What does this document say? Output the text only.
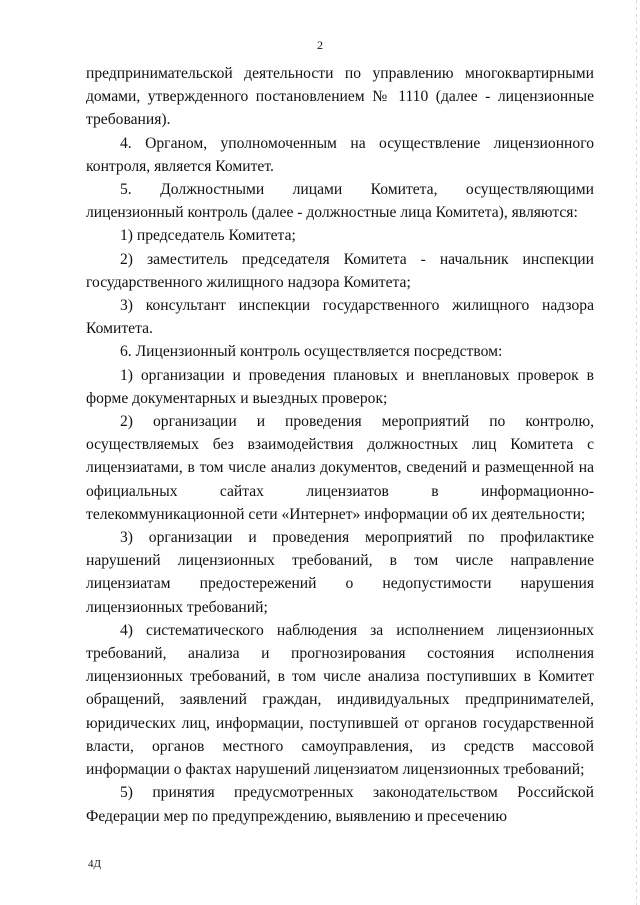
2

предпринимательской деятельности по управлению многоквартирными домами, утвержденного постановлением № 1110 (далее - лицензионные требования).

4. Органом, уполномоченным на осуществление лицензионного контроля, является Комитет.

5. Должностными лицами Комитета, осуществляющими лицензионный контроль (далее - должностные лица Комитета), являются:

1) председатель Комитета;

2) заместитель председателя Комитета - начальник инспекции государственного жилищного надзора Комитета;

3) консультант инспекции государственного жилищного надзора Комитета.

6. Лицензионный контроль осуществляется посредством:

1) организации и проведения плановых и внеплановых проверок в форме документарных и выездных проверок;

2) организации и проведения мероприятий по контролю, осуществляемых без взаимодействия должностных лиц Комитета с лицензиатами, в том числе анализ документов, сведений и размещенной на официальных сайтах лицензиатов в информационно-телекоммуникационной сети «Интернет» информации об их деятельности;

3) организации и проведения мероприятий по профилактике нарушений лицензионных требований, в том числе направление лицензиатам предостережений о недопустимости нарушения лицензионных требований;

4) систематического наблюдения за исполнением лицензионных требований, анализа и прогнозирования состояния исполнения лицензионных требований, в том числе анализа поступивших в Комитет обращений, заявлений граждан, индивидуальных предпринимателей, юридических лиц, информации, поступившей от органов государственной власти, органов местного самоуправления, из средств массовой информации о фактах нарушений лицензиатом лицензионных требований;

5) принятия предусмотренных законодательством Российской Федерации мер по предупреждению, выявлению и пресечению

4Д
